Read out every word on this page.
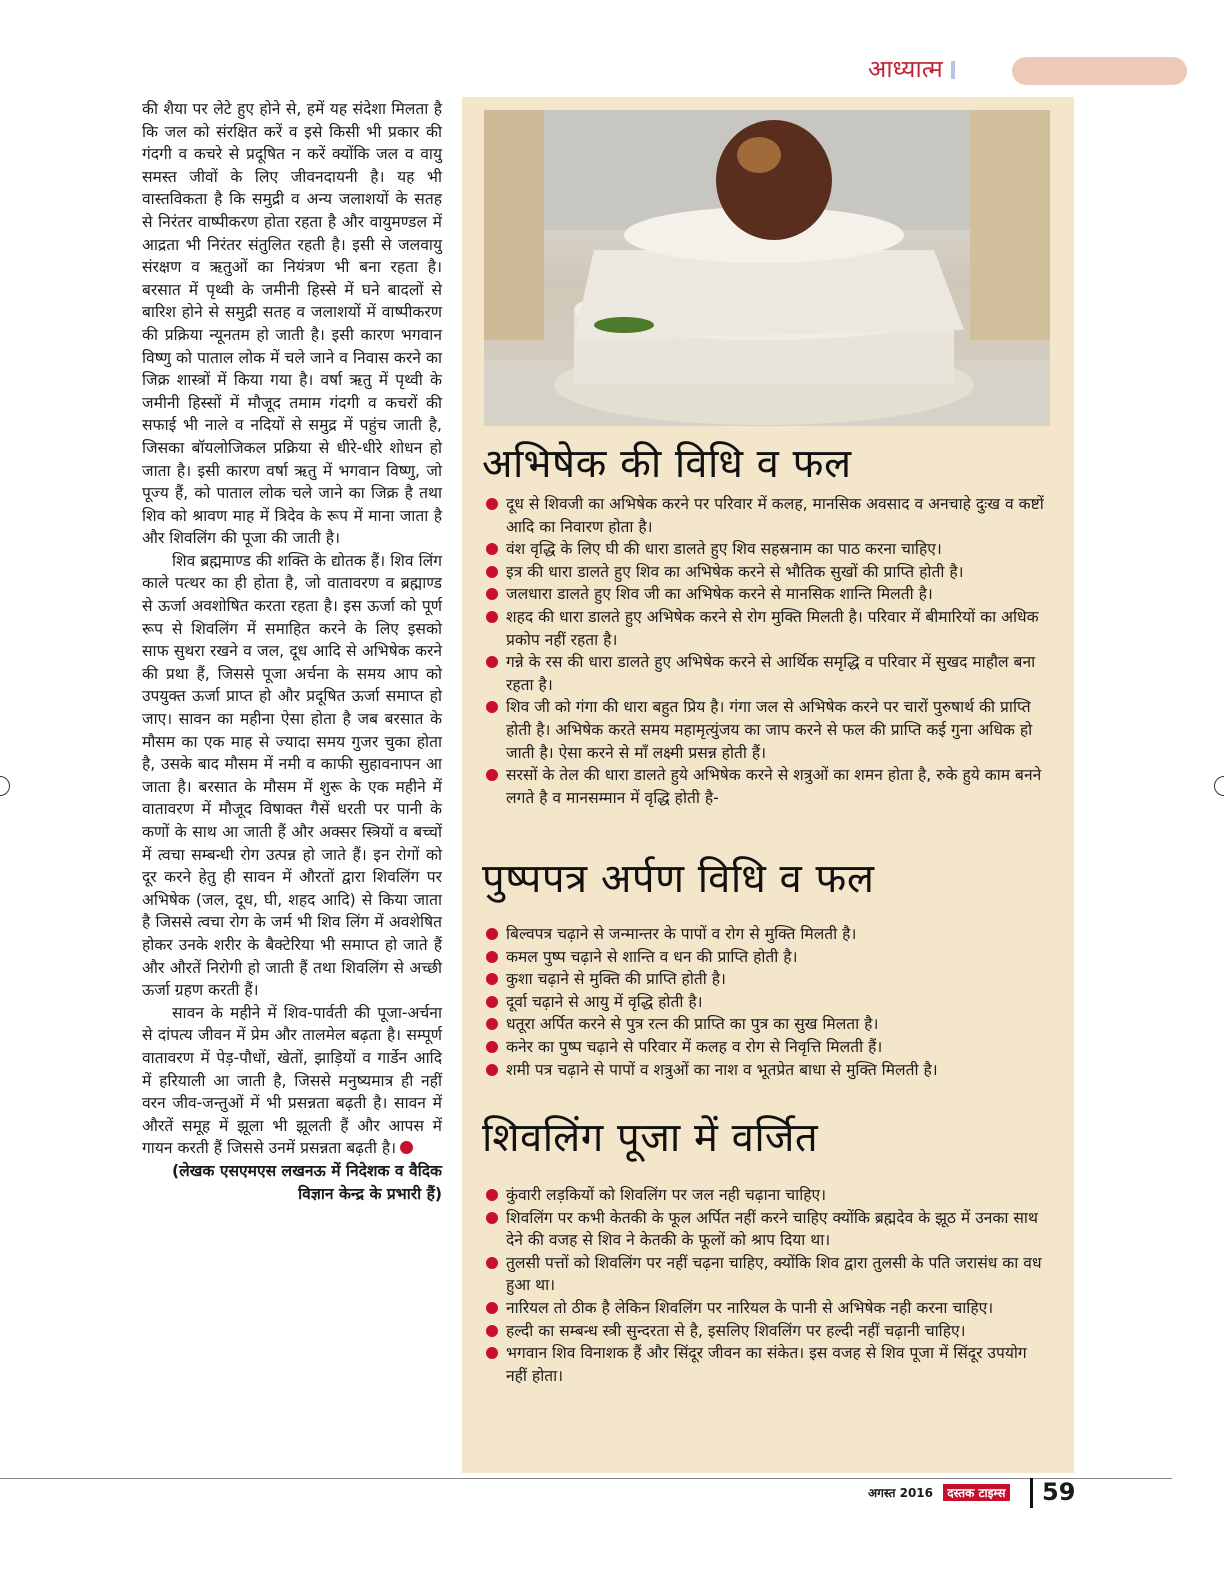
आध्यात्म

की शैया पर लेटे हुए होने से, हमें यह संदेशा मिलता है कि जल को संरक्षित करें व इसे किसी भी प्रकार की गंदगी व कचरे से प्रदूषित न करें क्योंकि जल व वायु समस्त जीवों के लिए जीवनदायनी है। यह भी वास्तविकता है कि समुद्री व अन्य जलाशयों के सतह से निरंतर वाष्पीकरण होता रहता है और वायुमण्डल में आद्रता भी निरंतर संतुलित रहती है। इसी से जलवायु संरक्षण व ऋतुओं का नियंत्रण भी बना रहता है। बरसात में पृथ्वी के जमीनी हिस्से में घने बादलों से बारिश होने से समुद्री सतह व जलाशयों में वाष्पीकरण की प्रक्रिया न्यूनतम हो जाती है। इसी कारण भगवान विष्णु को पाताल लोक में चले जाने व निवास करने का जिक्र शास्त्रों में किया गया है। वर्षा ऋतु में पृथ्वी के जमीनी हिस्सों में मौजूद तमाम गंदगी व कचरों की सफाई भी नाले व नदियों से समुद्र में पहुंच जाती है, जिसका बॉयलोजिकल प्रक्रिया से धीरे-धीरे शोधन हो जाता है। इसी कारण वर्षा ऋतु में भगवान विष्णु, जो पूज्य हैं, को पाताल लोक चले जाने का जिक्र है तथा शिव को श्रावण माह में त्रिदेव के रूप में माना जाता है और शिवलिंग की पूजा की जाती है।

शिव ब्रह्ममाण्ड की शक्ति के द्योतक हैं। शिव लिंग काले पत्थर का ही होता है, जो वातावरण व ब्रह्माण्ड से ऊर्जा अवशोषित करता रहता है। इस ऊर्जा को पूर्ण रूप से शिवलिंग में समाहित करने के लिए इसको साफ सुथरा रखने व जल, दूध आदि से अभिषेक करने की प्रथा हैं, जिससे पूजा अर्चना के समय आप को उपयुक्त ऊर्जा प्राप्त हो और प्रदूषित ऊर्जा समाप्त हो जाए। सावन का महीना ऐसा होता है जब बरसात के मौसम का एक माह से ज्यादा समय गुजर चुका होता है, उसके बाद मौसम में नमी व काफी सुहावनापन आ जाता है। बरसात के मौसम में शुरू के एक महीने में वातावरण में मौजूद विषाक्त गैसें धरती पर पानी के कणों के साथ आ जाती हैं और अक्सर स्त्रियों व बच्चों में त्वचा सम्बन्धी रोग उत्पन्न हो जाते हैं। इन रोगों को दूर करने हेतु ही सावन में औरतों द्वारा शिवलिंग पर अभिषेक (जल, दूध, घी, शहद आदि) से किया जाता है जिससे त्वचा रोग के जर्म भी शिव लिंग में अवशेषित होकर उनके शरीर के बैक्टेरिया भी समाप्त हो जाते हैं और औरतें निरोगी हो जाती हैं तथा शिवलिंग से अच्छी ऊर्जा ग्रहण करती हैं।

सावन के महीने में शिव-पार्वती की पूजा-अर्चना से दांपत्य जीवन में प्रेम और तालमेल बढ़ता है। सम्पूर्ण वातावरण में पेड़-पौधों, खेतों, झाड़ियों व गार्डेन आदि में हरियाली आ जाती है, जिससे मनुष्यमात्र ही नहीं वरन जीव-जन्तुओं में भी प्रसन्नता बढ़ती है। सावन में औरतें समूह में झूला भी झूलती हैं और आपस में गायन करती हैं जिससे उनमें प्रसन्नता बढ़ती है।

(लेखक एसएमएस लखनऊ में निदेशक व वैदिक विज्ञान केन्द्र के प्रभारी हैं)

अभिषेक की विधि व फल
दूध से शिवजी का अभिषेक करने पर परिवार में कलह, मानसिक अवसाद व अनचाहे दुःख व कष्टों आदि का निवारण होता है।
वंश वृद्धि के लिए घी की धारा डालते हुए शिव सहस्रनाम का पाठ करना चाहिए।
इत्र की धारा डालते हुए शिव का अभिषेक करने से भौतिक सुखों की प्राप्ति होती है।
जलधारा डालते हुए शिव जी का अभिषेक करने से मानसिक शान्ति मिलती है।
शहद की धारा डालते हुए अभिषेक करने से रोग मुक्ति मिलती है। परिवार में बीमारियों का अधिक प्रकोप नहीं रहता है।
गन्ने के रस की धारा डालते हुए अभिषेक करने से आर्थिक समृद्धि व परिवार में सुखद माहौल बना रहता है।
शिव जी को गंगा की धारा बहुत प्रिय है। गंगा जल से अभिषेक करने पर चारों पुरुषार्थ की प्राप्ति होती है। अभिषेक करते समय महामृत्युंजय का जाप करने से फल की प्राप्ति कई गुना अधिक हो जाती है। ऐसा करने से माँ लक्ष्मी प्रसन्न होती हैं।
सरसों के तेल की धारा डालते हुये अभिषेक करने से शत्रुओं का शमन होता है, रुके हुये काम बनने लगते है व मानसम्मान में वृद्धि होती है-
पुष्पपत्र अर्पण विधि व फल
बिल्वपत्र चढ़ाने से जन्मान्तर के पापों व रोग से मुक्ति मिलती है।
कमल पुष्प चढ़ाने से शान्ति व धन की प्राप्ति होती है।
कुशा चढ़ाने से मुक्ति की प्राप्ति होती है।
दूर्वा चढ़ाने से आयु में वृद्धि होती है।
धतूरा अर्पित करने से पुत्र रत्न की प्राप्ति का पुत्र का सुख मिलता है।
कनेर का पुष्प चढ़ाने से परिवार में कलह व रोग से निवृत्ति मिलती हैं।
शमी पत्र चढ़ाने से पापों व शत्रुओं का नाश व भूतप्रेत बाधा से मुक्ति मिलती है।
शिवलिंग पूजा में वर्जित
कुंवारी लड़कियों को शिवलिंग पर जल नही चढ़ाना चाहिए।
शिवलिंग पर कभी केतकी के फूल अर्पित नहीं करने चाहिए क्योंकि ब्रह्मदेव के झूठ में उनका साथ देने की वजह से शिव ने केतकी के फूलों को श्राप दिया था।
तुलसी पत्तों को शिवलिंग पर नहीं चढ़ना चाहिए, क्योंकि शिव द्वारा तुलसी के पति जरासंध का वध हुआ था।
नारियल तो ठीक है लेकिन शिवलिंग पर नारियल के पानी से अभिषेक नही करना चाहिए।
हल्दी का सम्बन्ध स्त्री सुन्दरता से है, इसलिए शिवलिंग पर हल्दी नहीं चढ़ानी चाहिए।
भगवान शिव विनाशक हैं और सिंदूर जीवन का संकेत। इस वजह से शिव पूजा में सिंदूर उपयोग नहीं होता।
अगस्त 2016 दस्तक टाइम्स 59
